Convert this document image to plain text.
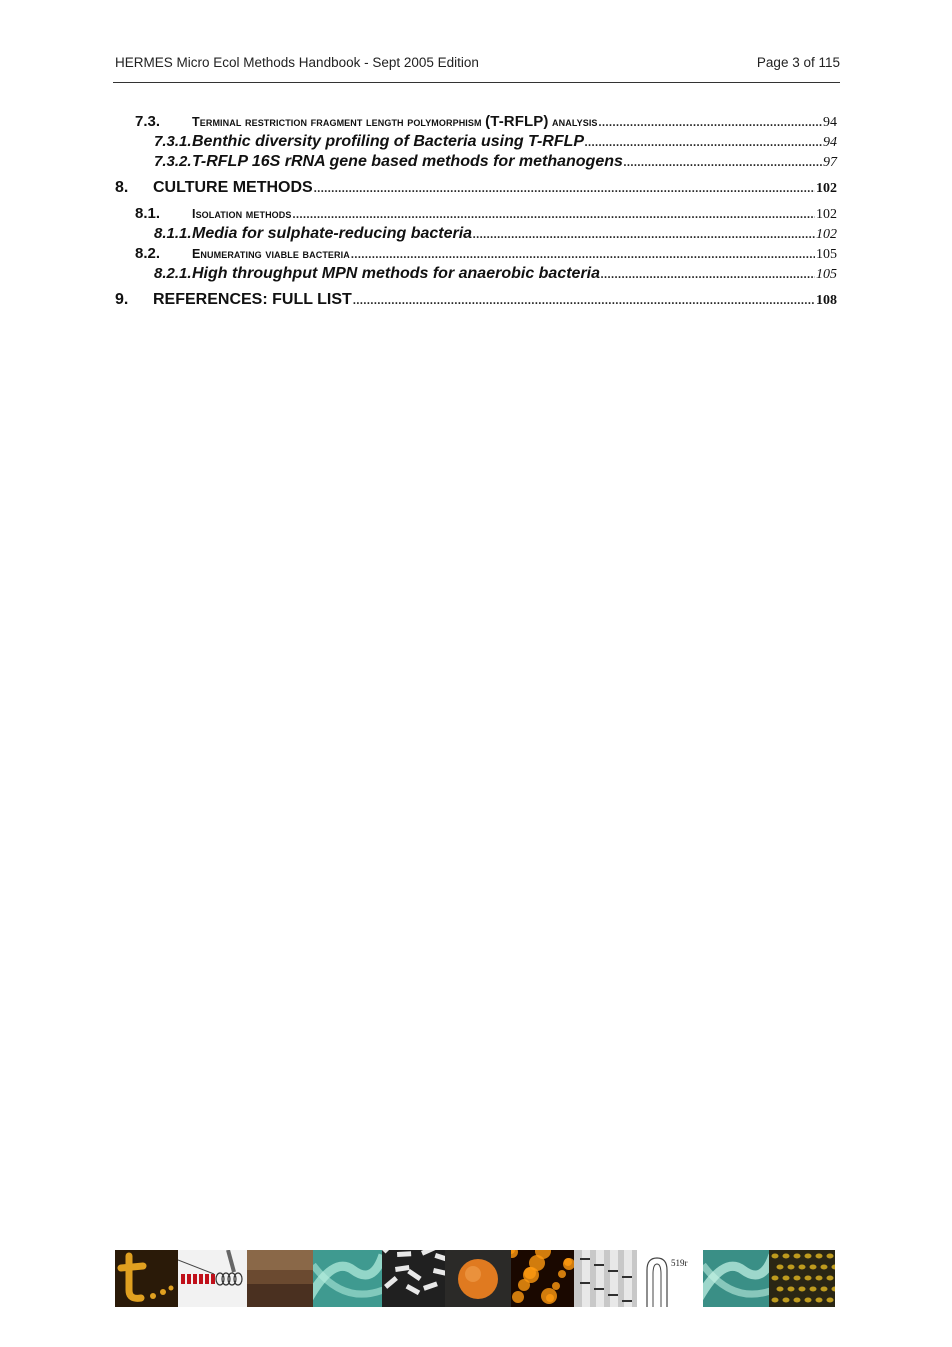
HERMES Micro Ecol Methods Handbook - Sept 2005 Edition	Page 3 of 115
7.3.	Terminal restriction fragment length polymorphism (T-RFLP) analysis .....	94
7.3.1. Benthic diversity profiling of Bacteria using T-RFLP .....	94
7.3.2. T-RFLP 16S rRNA gene based methods for methanogens .....	97
8.	CULTURE METHODS .....	102
8.1.	Isolation methods .....	102
8.1.1. Media for sulphate-reducing bacteria .....	102
8.2.	Enumerating viable bacteria .....	105
8.2.1. High throughput MPN methods for anaerobic bacteria .....	105
9.	REFERENCES: FULL LIST .....	108
519r
